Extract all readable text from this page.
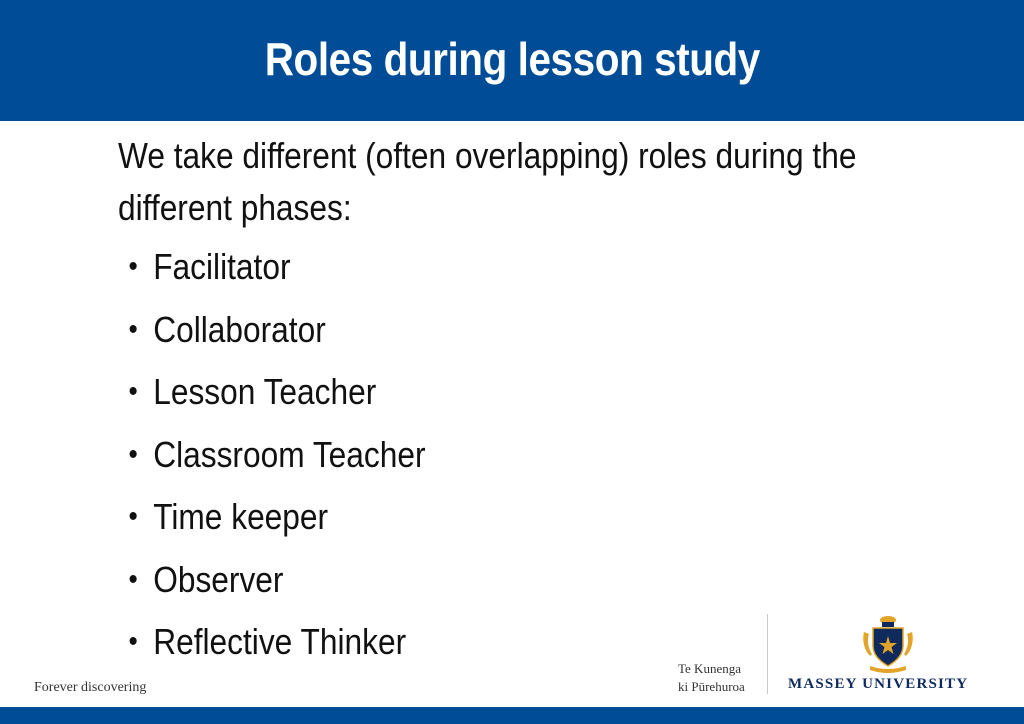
Roles during lesson study

We take different (often overlapping) roles during the different phases:

• Facilitator
• Collaborator
• Lesson Teacher
• Classroom Teacher
• Time keeper
• Observer
• Reflective Thinker
Forever discovering
Te Kunenga
ki Pūrehuroa	MASSEY UNIVERSITY
